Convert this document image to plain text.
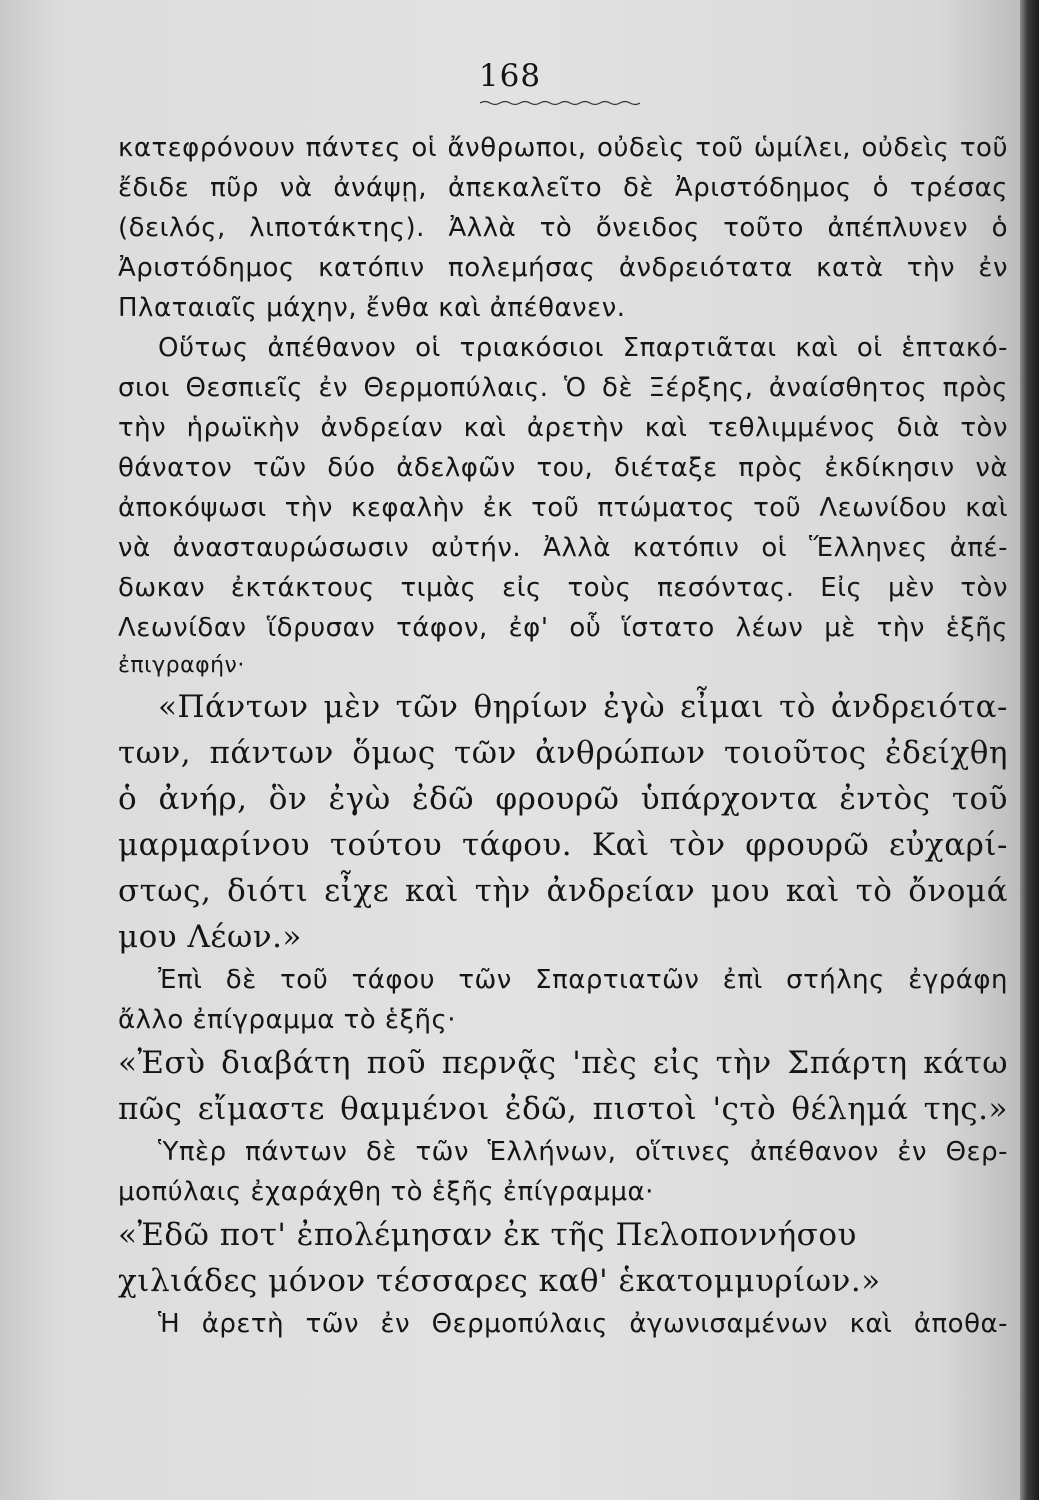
168
κατεφρόνουν πάντες οἱ ἄνθρωποι, οὐδεὶς τοῦ ὡμίλει, οὐδεὶς τοῦ
ἔδιδε πῦρ νὰ ἀνάψῃ, ἀπεκαλεῖτο δὲ Ἀριστόδημος ὁ τρέσας
(δειλός, λιποτάκτης). Ἀλλὰ τὸ ὄνειδος τοῦτο ἀπέπλυνεν ὁ
Ἀριστόδημος κατόπιν πολεμήσας ἀνδρειότατα κατὰ τὴν ἐν
Πλαταιαῖς μάχην, ἔνθα καὶ ἀπέθανεν.
Οὕτως ἀπέθανον οἱ τριακόσιοι Σπαρτιᾶται καὶ οἱ ἑπτακό-
σιοι Θεσπιεῖς ἐν Θερμοπύλαις. Ὁ δὲ Ξέρξης, ἀναίσθητος πρὸς
τὴν ἡρωϊκὴν ἀνδρείαν καὶ ἀρετὴν καὶ τεθλιμμένος διὰ τὸν
θάνατον τῶν δύο ἀδελφῶν του, διέταξε πρὸς ἐκδίκησιν νὰ
ἀποκόψωσι τὴν κεφαλὴν ἐκ τοῦ πτώματος τοῦ Λεωνίδου καὶ
νὰ ἀνασταυρώσωσιν αὐτήν. Ἀλλὰ κατόπιν οἱ Ἕλληνες ἀπέ-
δωκαν ἐκτάκτους τιμὰς εἰς τοὺς πεσόντας. Εἰς μὲν τὸν
Λεωνίδαν ἵδρυσαν τάφον, ἐφ' οὗ ἵστατο λέων μὲ τὴν ἑξῆς
ἐπιγραφήν·
«Πάντων μὲν τῶν θηρίων ἐγὼ εἶμαι τὸ ἀνδρειότα-
των, πάντων ὅμως τῶν ἀνθρώπων τοιοῦτος ἐδείχθη
ὁ ἀνήρ, ὃν ἐγὼ ἐδῶ φρουρῶ ὑπάρχοντα ἐντὸς τοῦ
μαρμαρίνου τούτου τάφου. Καὶ τὸν φρουρῶ εὐχαρί-
στως, διότι εἶχε καὶ τὴν ἀνδρείαν μου καὶ τὸ ὄνομά
μου Λέων.»
Ἐπὶ δὲ τοῦ τάφου τῶν Σπαρτιατῶν ἐπὶ στήλης ἐγράφη
ἄλλο ἐπίγραμμα τὸ ἑξῆς·
«Ἐσὺ διαβάτη ποῦ περνᾷς 'πὲς εἰς τὴν Σπάρτη κάτω
πῶς εἴμαστε θαμμένοι ἐδῶ, πιστοὶ 'ςτὸ θέλημά της.»
Ὑπὲρ πάντων δὲ τῶν Ἑλλήνων, οἵτινες ἀπέθανον ἐν Θερ-
μοπύλαις ἐχαράχθη τὸ ἑξῆς ἐπίγραμμα·
«Ἐδῶ ποτ' ἐπολέμησαν ἐκ τῆς Πελοποννήσου
χιλιάδες μόνον τέσσαρες καθ' ἑκατομμυρίων.»
Ἡ ἀρετὴ τῶν ἐν Θερμοπύλαις ἀγωνισαμένων καὶ ἀποθα-
